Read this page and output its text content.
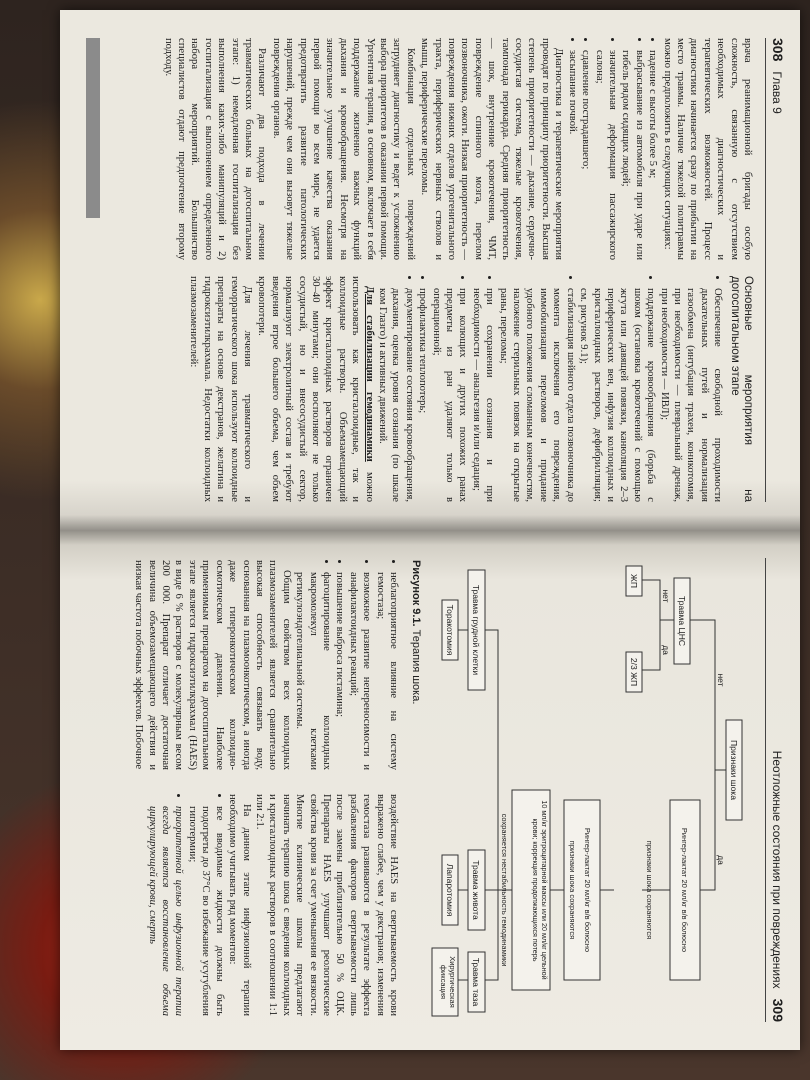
308   Глава 9

врача реанимационной бригады особую сложность, связанную с отсутствием необходимых диагностических и терапевтических возможностей. Процесс диагностики начинается сразу по прибытии на место травмы. Наличие тяжелой политравмы можно предположить в следующих ситуациях:

• падение с высоты более 5 м;
• выбрасывание из автомобиля при ударе или гибель рядом сидящих людей;
• значительная деформация пассажирского салона;
• сдавление пострадавшего;
• засыпание почвой.

Диагностика и терапевтические мероприятия проводят по принципу приоритетности. Высшая степень приоритетности — дыхание, сердечно-сосудистая система, тяжелые кровотечения, тампонада перикарда. Средняя приоритетность — шок, внутренние кровотечения, ЧМТ, повреждение спинного мозга, перелом позвоночника, ожоги. Низкая приоритетность — повреждения нижних отделов урогенитального тракта, периферических нервных стволов и мышц, периферические переломы.

Комбинация отдельных повреждений затрудняет диагностику и ведет к усложнению выбора приоритетов в оказании первой помощи. Ургентная терапия, в основном, включает в себя поддержание жизненно важных функций дыхания и кровообращения. Несмотря на значительное улучшение качества оказания первой помощи во всем мире, не удается предотвратить развитие патологических нарушений, прежде чем они вызовут тяжелые повреждения органов.

Различают два подхода в лечении травматических больных на догоспитальном этапе: 1) немедленная госпитализация без выполнения каких-либо манипуляций и 2) госпитализация с выполнением определенного набора мероприятий. Большинство специалистов отдают предпочтение второму подходу.

Основные мероприятия на догоспитальном этапе
• Обеспечение свободной проходимости дыхательных путей и нормализация газообмена (интубация трахеи, коникотомия, при необходимости — плевральный дренаж, при необходимости — ИВЛ);
• поддержание кровообращения (борьба с шоком (остановка кровотечений с помощью жгута или давящей повязки, канюляция 2–3 периферических вен, инфузия коллоидных и кристаллоидных растворов, дефибрилляция; см. рисунок 9.1);
• стабилизация шейного отдела позвоночника до момента исключения его повреждения, иммобилизация переломов и придание удобного положения сломанным конечностям, наложение стерильных повязок на открытые раны, переломы;
• при сохранении сознания и при необходимости — анальгезия и/или седация;
• при колющих и других похожих ранах предметы из ран удаляют только в операционной;
• профилактика теплопотерь;
• документирование состояния кровообращения, дыхания, оценка уровня сознания (по шкале ком Глазго) и активных движений.

Для стабилизации гемодинамики можно использовать как кристаллоидные, так и коллоидные растворы. Объемзамещающий эффект кристаллоидных растворов ограничен 30–40 минутами; они восполняют не только сосудистый, но и внесосудистый сектор, нормализуют электролитный состав и требуют введения втрое большего объема, чем объем кровопотери.

Для лечения травматического и геморрагического шока используют коллоидные препараты на основе декстранов, желатина и гидроксиэтилкрахмала. Недостатки коллоидных плазмозаменителей:

Неотложные состояния при повреждениях   309
Признаки шока
нет
да
Травма ЦНС
нет
да
ЖП
2/3 ЖП
Рингер-лактат 20 мл/кг в/в болюсно
признаки шока сохраняются
Рингер-лактат 20 мл/кг в/в болюсно
признаки шока сохраняются
10 мл/кг эритроцитарной массы или 20 мл/кг цельной крови; коррекция продолжающихся потерь
сохраняется нестабильность гемодинамики
Травма грудной клетки
Травма живота
Травма таза
Торакотомия
Лапаротомия
Хирургическая фиксация
Рисунок 9.1. Терапия шока.
• неблагоприятное влияние на систему гемостаза;
• возможное развитие непереносимости и анафилактоидных реакций;
• повышение выброса гистамина;
• фагоцитирование коллоидных макромолекул клетками ретикулоэндотелиальной системы.

Общим свойством всех коллоидных плазмозаменителей является сравнительно высокая способность связывать воду, основанная на плазмоонкотическом, а иногда даже гиперонкотическом коллоидно-осмотическом давлении. Наиболее применимым препаратом на догоспитальном этапе является гидроксиэтилкрахмал (HAES) в виде 6 % растворов с молекулярным весом 200 000. Препарат отличает достаточная величина объемозамещающего действия и низкая частота побочных эффектов. Побочное

воздействие HAES на свертываемость крови выражено слабее, чем у декстранов; изменения гемостаза развиваются в результате эффекта разбавления факторов свертываемости лишь после замены приблизительно 50 % ОЦК. Препараты HAES улучшают реологические свойства крови за счет уменьшения ее вязкости. Многие клинические школы предлагают начинать терапию шока с введения коллоидных и кристаллоидных растворов в соотношении 1:1 или 2:1.

На данном этапе инфузионной терапии необходимо учитывать ряд моментов:

• все вводимые жидкости должны быть подогреты до 37°С во избежание усугубления гипотермии;
• приоритетной целью инфузионной терапии всегда является восстановление объема циркулирующей крови, смерть
